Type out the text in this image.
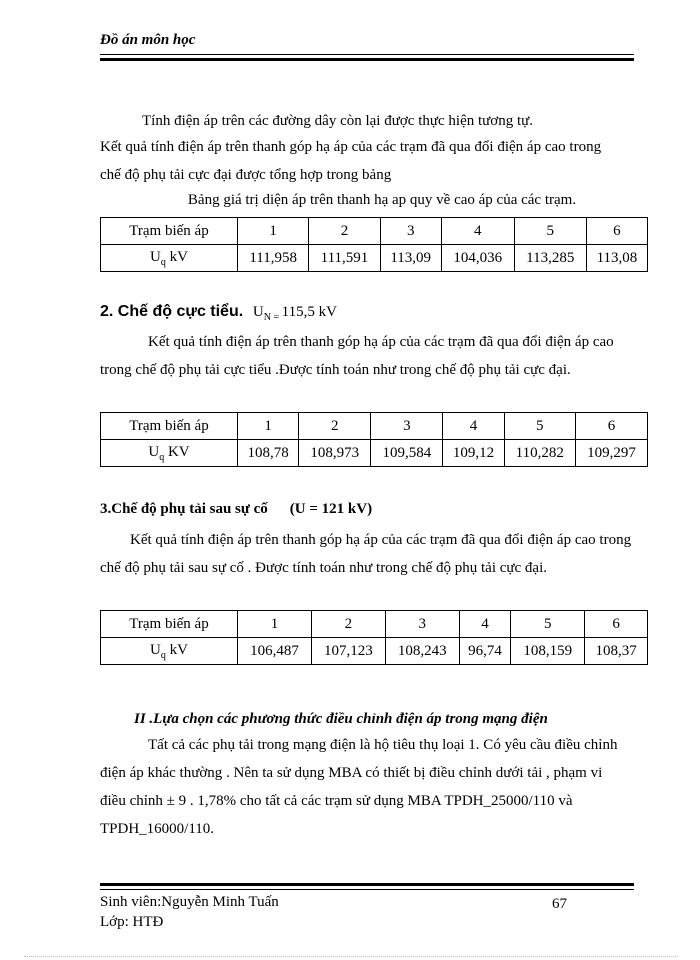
Đồ án môn học
Tính điện áp trên các đường dây còn lại được thực hiện tương tự.
Kết quả tính điện áp trên thanh góp hạ áp của các trạm đã qua đổi điện áp cao trong chế độ phụ tải cực đại được tổng hợp trong bảng
Bảng giá trị diện áp trên thanh hạ ap quy về cao áp của các trạm.
Trạm biến áp	1	2	3	4	5	6
$U_q$ kV	111,958	111,591	113,09	104,036	113,285	113,08
2. Chế độ cực tiểu. $U_{N =}$ 115,5 kV
Kết quả tính điện áp trên thanh góp hạ áp của các trạm đã qua đổi điện áp cao trong chế độ phụ tải cực tiểu .Được tính toán như trong chế độ phụ tải cực đại.
Trạm biến áp	1	2	3	4	5	6
$U_q$ KV	108,78	108,973	109,584	109,12	110,282	109,297
3.Chế độ phụ tải sau sự cố (U = 121 kV)
Kết quả tính điện áp trên thanh góp hạ áp của các trạm đã qua đổi điện áp cao trong chế độ phụ tải sau sự cố . Được tính toán như trong chế độ phụ tải cực đại.
Trạm biến áp	1	2	3	4	5	6
$U_q$ kV	106,487	107,123	108,243	96,74	108,159	108,37
II .Lựa chọn các phương thức điều chỉnh điện áp trong mạng điện
Tất cả các phụ tải trong mạng điện là hộ tiêu thụ loại 1. Có yêu cầu điều chỉnh điện áp khác thường . Nên ta sử dụng MBA có thiết bị điều chỉnh dưới tải , phạm vi điều chỉnh ± 9 . 1,78% cho tất cả các trạm sử dụng MBA TPDH_25000/110 và TPDH_16000/110.
Sinh viên:Nguyễn Minh Tuấn	67
Lớp: HTĐ
